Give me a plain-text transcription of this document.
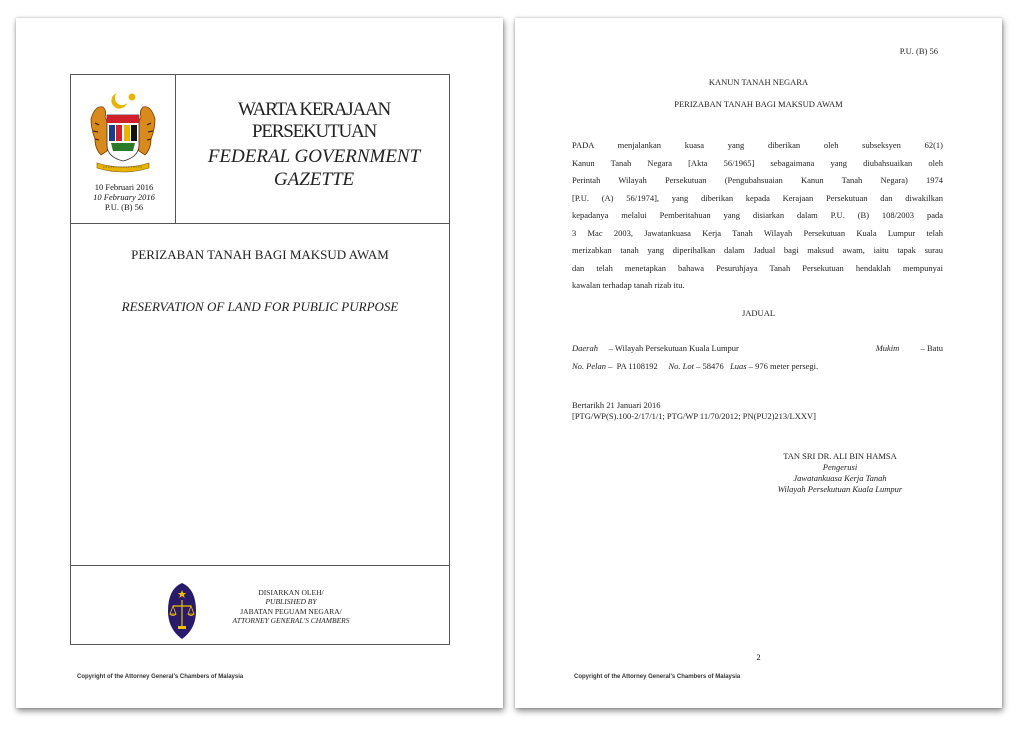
10 Februari 2016
10 February 2016
P.U. (B) 56
WARTA KERAJAAN PERSEKUTUAN
FEDERAL GOVERNMENT
GAZETTE
PERIZABAN TANAH BAGI MAKSUD AWAM
RESERVATION OF LAND FOR PUBLIC PURPOSE
DISIARKAN OLEH/
PUBLISHED BY
JABATAN PEGUAM NEGARA/
ATTORNEY GENERAL'S CHAMBERS
Copyright of the Attorney General's Chambers of Malaysia
P.U. (B) 56
KANUN TANAH NEGARA
PERIZABAN TANAH BAGI MAKSUD AWAM
PADA menjalankan kuasa yang diberikan oleh subseksyen 62(1)
Kanun Tanah Negara [Akta 56/1965] sebagaimana yang diubahsuaikan oleh
Perintah Wilayah Persekutuan (Pengubahsuaian Kanun Tanah Negara) 1974
[P.U. (A) 56/1974], yang diberikan kepada Kerajaan Persekutuan dan diwakilkan
kepadanya melalui Pemberitahuan yang disiarkan dalam P.U. (B) 108/2003 pada
3 Mac 2003, Jawatankuasa Kerja Tanah Wilayah Persekutuan Kuala Lumpur telah
merizabkan tanah yang diperihalkan dalam Jadual bagi maksud awam, iaitu tapak surau
dan telah menetapkan bahawa Pesuruhjaya Tanah Persekutuan hendaklah mempunyai
kawalan terhadap tanah rizab itu.
JADUAL
Daerah – Wilayah Persekutuan Kuala Lumpur	Mukim	– Batu
No. Pelan – PA 1108192 No. Lot – 58476 Luas – 976 meter persegi.
Bertarikh 21 Januari 2016
[PTG/WP(S).100-2/17/1/1; PTG/WP 11/70/2012; PN(PU2)213/LXXV]
TAN SRI DR. ALI BIN HAMSA
Pengerusi
Jawatankuasa Kerja Tanah
Wilayah Persekutuan Kuala Lumpur
2
Copyright of the Attorney General's Chambers of Malaysia
